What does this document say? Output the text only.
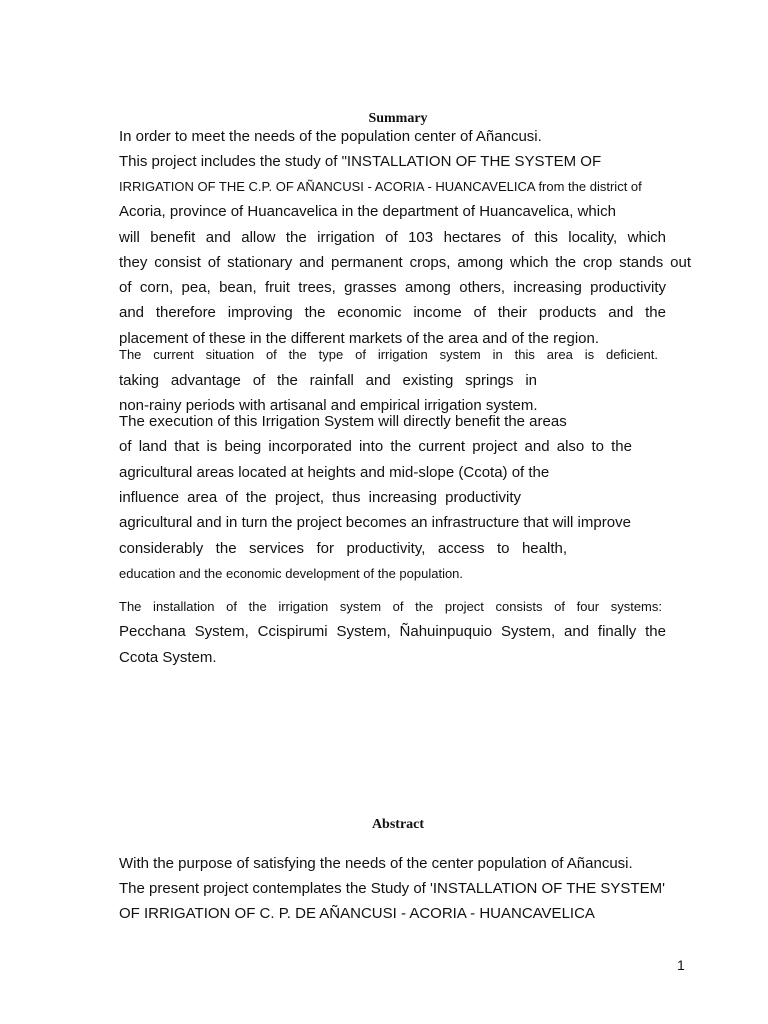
Summary

In order to meet the needs of the population center of Añancusi.

This project includes the study of "INSTALLATION OF THE SYSTEM OF

IRRIGATION OF THE C.P. OF AÑANCUSI - ACORIA - HUANCAVELICA from the district of

Acoria, province of Huancavelica in the department of Huancavelica, which

will benefit and allow the irrigation of 103 hectares of this locality, which

they consist of stationary and permanent crops, among which the crop stands out

of corn, pea, bean, fruit trees, grasses among others, increasing productivity

and therefore improving the economic income of their products and the

placement of these in the different markets of the area and of the region.

The current situation of the type of irrigation system in this area is deficient.

taking advantage of the rainfall and existing springs in

non-rainy periods with artisanal and empirical irrigation system.

The execution of this Irrigation System will directly benefit the areas

of land that is being incorporated into the current project and also to the

agricultural areas located at heights and mid-slope (Ccota) of the

influence area of the project, thus increasing productivity

agricultural and in turn the project becomes an infrastructure that will improve

considerably the services for productivity, access to health,

education and the economic development of the population.

The installation of the irrigation system of the project consists of four systems:

Pecchana System, Ccispirumi System, Ñahuinpuquio System, and finally the

Ccota System.

Abstract

With the purpose of satisfying the needs of the center population of Añancusi.

The present project contemplates the Study of 'INSTALLATION OF THE SYSTEM'

OF IRRIGATION OF C. P. DE AÑANCUSI - ACORIA - HUANCAVELICA

1
